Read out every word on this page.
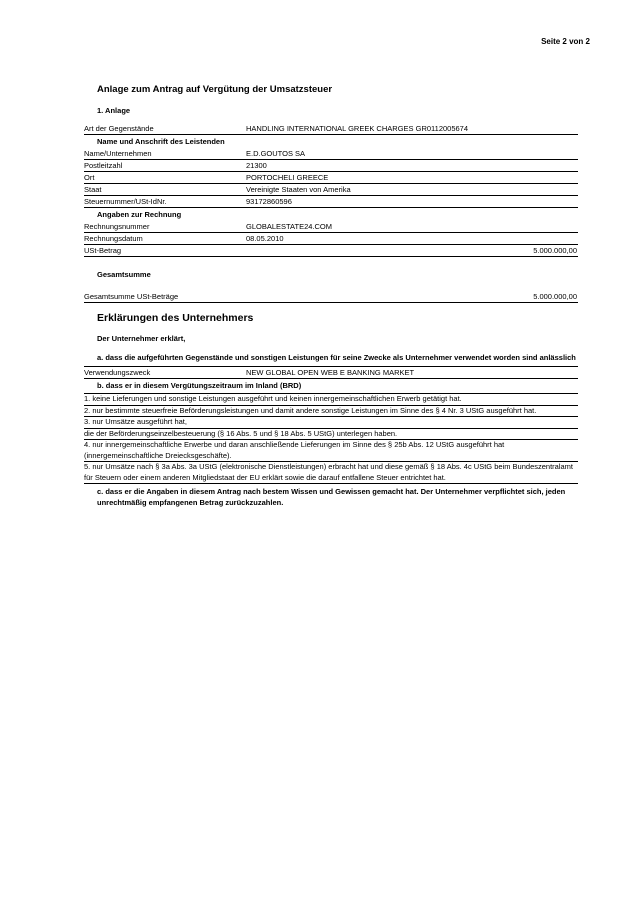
Seite 2 von 2
Anlage zum Antrag auf Vergütung der Umsatzsteuer
1. Anlage
Art der Gegenstände	HANDLING INTERNATIONAL GREEK CHARGES GR0112005674
Name und Anschrift des Leistenden
Name/Unternehmen	E.D.GOUTOS SA
Postleitzahl	21300
Ort	PORTOCHELI GREECE
Staat	Vereinigte Staaten von Amerika
Steuernummer/USt-IdNr.	93172860596
Angaben zur Rechnung
Rechnungsnummer	GLOBALESTATE24.COM
Rechnungsdatum	08.05.2010
USt-Betrag	5.000.000,00
Gesamtsumme
Gesamtsumme USt-Beträge	5.000.000,00
Erklärungen des Unternehmers
Der Unternehmer erklärt,
a. dass die aufgeführten Gegenstände und sonstigen Leistungen für seine Zwecke als Unternehmer verwendet worden sind anlässlich
Verwendungszweck	NEW GLOBAL OPEN WEB E BANKING MARKET
b. dass er in diesem Vergütungszeitraum im Inland (BRD)
1. keine Lieferungen und sonstige Leistungen ausgeführt und keinen innergemeinschaftlichen Erwerb getätigt hat.
2. nur bestimmte steuerfreie Beförderungsleistungen und damit andere sonstige Leistungen im Sinne des § 4 Nr. 3 UStG ausgeführt hat.
3. nur Umsätze ausgeführt hat,
die der Beförderungseinzelbesteuerung (§ 16 Abs. 5 und § 18 Abs. 5 UStG) unterlegen haben.
4. nur innergemeinschaftliche Erwerbe und daran anschließende Lieferungen im Sinne des § 25b Abs. 12 UStG ausgeführt hat (innergemeinschaftliche Dreiecksgeschäfte).
5. nur Umsätze nach § 3a Abs. 3a UStG (elektronische Dienstleistungen) erbracht hat und diese gemäß § 18 Abs. 4c UStG beim Bundeszentralamt für Steuern oder einem anderen Mitgliedstaat der EU erklärt sowie die darauf entfallene Steuer entrichtet hat.
c. dass er die Angaben in diesem Antrag nach bestem Wissen und Gewissen gemacht hat. Der Unternehmer verpflichtet sich, jeden unrechtmäßig empfangenen Betrag zurückzuzahlen.
